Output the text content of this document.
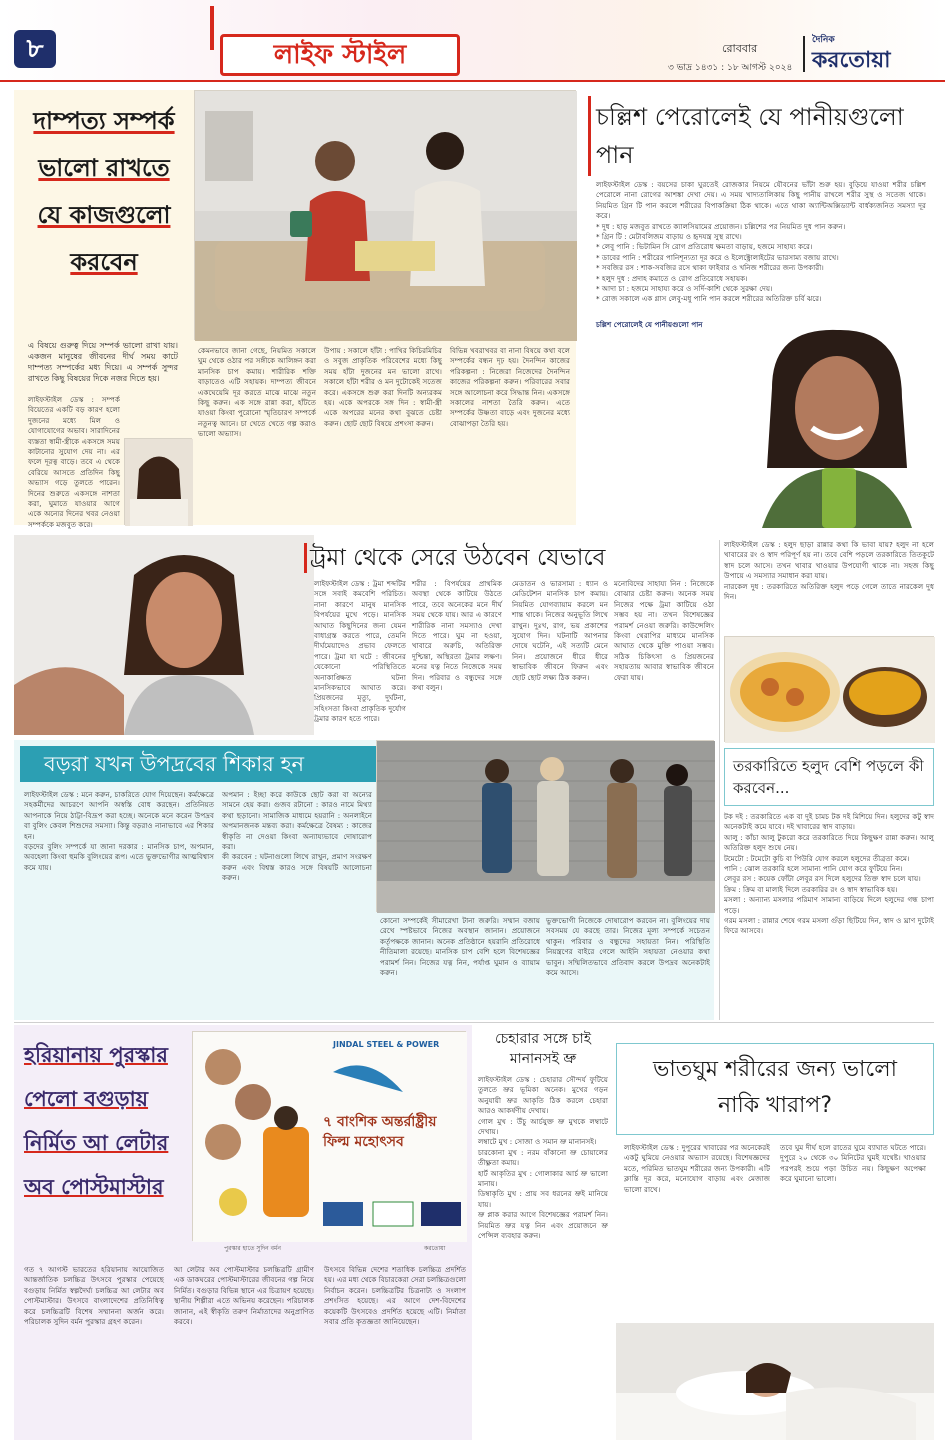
৮	লাইফ স্টাইল	রোববার
৩ ভাদ্র ১৪৩১ : ১৮ আগস্ট ২০২৪
দৈনিক
করতোয়া
দাম্পত্য সম্পর্ক ভালো রাখতে যে কাজগুলো করবেন
এ বিষয়ে গুরুত্ব দিয়ে সম্পর্ক ভালো রাখা যায়। একজন মানুষের জীবনের দীর্ঘ সময় কাটে দাম্পত্য সম্পর্কের মধ্য দিয়ে। এ সম্পর্ক সুন্দর রাখতে কিছু বিষয়ের দিকে নজর দিতে হয়।
লাইফস্টাইল ডেস্ক : সম্পর্ক বিয়েতের একটি বড় কারণ হলো দুজনের মধ্যে মিল ও যোগাযোগের অভাব। সারাদিনের ব্যস্ততা স্বামী-স্ত্রীকে একসঙ্গে সময় কাটানোর সুযোগ দেয় না। এর ফলে দূরত্ব বাড়ে। তবে এ থেকে বেরিয়ে আসতে প্রতিদিন কিছু অভ্যাস গড়ে তুলতে পারেন। দিনের শুরুতে একসঙ্গে নাশতা করা, ঘুমাতে যাওয়ার আগে একে অন্যের দিনের খবর নেওয়া সম্পর্ককে মজবুত করে।
কেমনভাবে জানা গেছে, নিয়মিত সকালে ঘুম থেকে ওঠার পর সঙ্গীকে আলিঙ্গন করা মানসিক চাপ কমায়। শারীরিক শক্তি বাড়াতেও এটি সহায়ক। দাম্পত্য জীবনে একঘেয়েমি দূর করতে মাঝে মাঝে নতুন কিছু করুন। এক সঙ্গে রান্না করা, হাঁটতে যাওয়া কিংবা পুরোনো স্মৃতিচারণ সম্পর্কে নতুনত্ব আনে। চা খেতে খেতে গল্প করাও ভালো অভ্যাস।
উপায় : সকালে হাঁটা : পাখির কিচিরমিচির ও সবুজ প্রাকৃতিক পরিবেশের মধ্যে কিছু সময় হাঁটা দুজনের মন ভালো রাখে। সকালে হাঁটা শরীর ও মন দুটোকেই সতেজ করে। একসঙ্গে শুরু করা দিনটি অন্যরকম হয়। একে অপরকে সঙ্গ দিন : স্বামী-স্ত্রী একে অপরের মনের কথা বুঝতে চেষ্টা করুন। ছোট ছোট বিষয়ে প্রশংসা করুন।
বিভিন্ন খবরাখবর বা নানা বিষয়ে কথা বলে সম্পর্কের বন্ধন দৃঢ় হয়। দৈনন্দিন কাজের পরিকল্পনা : নিজেরা নিজেদের দৈনন্দিন কাজের পরিকল্পনা করুন। পরিবারের সবার সঙ্গে আলোচনা করে সিদ্ধান্ত নিন। একসঙ্গে সকালের নাশতা তৈরি করুন। এতে সম্পর্কের উষ্ণতা বাড়ে এবং দুজনের মধ্যে বোঝাপড়া তৈরি হয়।
চল্লিশ পেরোলেই যে পানীয়গুলো পান
লাইফস্টাইল ডেস্ক : বয়সের চাকা ঘুরতেই রোজকার নিয়মে যৌবনের ভাঁটা শুরু হয়। বুড়িয়ে যাওয়া শরীর চল্লিশ পেরোলে নানা রোগের আশঙ্কা দেখা দেয়। এ সময় খাদ্যতালিকায় কিছু পানীয় রাখলে শরীর সুস্থ ও সতেজ থাকে। নিয়মিত গ্রিন টি পান করলে শরীরের বিপাকক্রিয়া ঠিক থাকে। এতে থাকা অ্যান্টিঅক্সিড্যান্ট বার্ধক্যজনিত সমস্যা দূর করে।
* দুধ : হাড় মজবুত রাখতে ক্যালসিয়ামের প্রয়োজন। চল্লিশের পর নিয়মিত দুধ পান করুন।
* গ্রিন টি : মেটাবলিজম বাড়ায় ও হৃদযন্ত্র সুস্থ রাখে।
* লেবু পানি : ভিটামিন সি রোগ প্রতিরোধ ক্ষমতা বাড়ায়, হজমে সাহায্য করে।
* ডাবের পানি : শরীরের পানিশূন্যতা দূর করে ও ইলেক্ট্রোলাইটের ভারসাম্য বজায় রাখে।
* সবজির রস : শাক-সবজির রসে থাকা ফাইবার ও খনিজ শরীরের জন্য উপকারী।
* হলুদ দুধ : প্রদাহ কমাতে ও রোগ প্রতিরোধে সহায়ক।
* আদা চা : হজমে সাহায্য করে ও সর্দি-কাশি থেকে সুরক্ষা দেয়।
* রোজ সকালে এক গ্লাস লেবু-মধু পানি পান করলে শরীরের অতিরিক্ত চর্বি ঝরে।

চল্লিশ পেরোলেই যে পানীয়গুলো পান

ট্রমা থেকে সেরে উঠবেন যেভাবে
লাইফস্টাইল ডেস্ক : ট্রমা শব্দটির সঙ্গে সবাই কমবেশি পরিচিত। নানা কারণে মানুষ মানসিক বিপর্যয়ের মুখে পড়ে। মানসিক আঘাত কিছুদিনের জন্য যেমন বাধাগ্রস্ত করতে পারে, তেমনি দীর্ঘমেয়াদেও প্রভাব ফেলতে পারে। ট্রমা যা ঘটে : জীবনের যেকোনো পরিস্থিতিতে অনাকাঙ্ক্ষিত ঘটনা মানসিকভাবে আঘাত করে। প্রিয়জনের মৃত্যু, দুর্ঘটনা, সহিংসতা কিংবা প্রাকৃতিক দুর্যোগ ট্রমার কারণ হতে পারে।
শরীর : বিপর্যয়ের প্রাথমিক অবস্থা থেকে কাটিয়ে উঠতে পারে, তবে অনেকের মনে দীর্ঘ সময় থেকে যায়। আর এ কারণে শারীরিক নানা সমস্যাও দেখা দিতে পারে। ঘুম না হওয়া, খাবারে অরুচি, অতিরিক্ত দুশ্চিন্তা, অস্থিরতা ট্রমার লক্ষণ। মনের যত্ন নিতে নিজেকে সময় দিন। পরিবার ও বন্ধুদের সঙ্গে কথা বলুন।
মেডাতন ও ভারসাম্য : ধ্যান ও মেডিটেশন মানসিক চাপ কমায়। নিয়মিত যোগব্যায়াম করলে মন শান্ত থাকে। নিজের অনুভূতি লিখে রাখুন। দুঃখ, রাগ, ভয় প্রকাশের সুযোগ দিন। ঘটনাটি আপনার দোষে ঘটেনি, এই সত্যটি মেনে নিন। প্রয়োজনে ধীরে ধীরে স্বাভাবিক জীবনে ফিরুন এবং ছোট ছোট লক্ষ্য ঠিক করুন।
মনোবিদের সাহায্য নিন : নিজেকে বোঝার চেষ্টা করুন। অনেক সময় নিজের পক্ষে ট্রমা কাটিয়ে ওঠা সম্ভব হয় না। তখন বিশেষজ্ঞের পরামর্শ নেওয়া জরুরি। কাউন্সেলিং কিংবা থেরাপির মাধ্যমে মানসিক আঘাত থেকে মুক্তি পাওয়া সম্ভব। সঠিক চিকিৎসা ও প্রিয়জনের সহায়তায় আবার স্বাভাবিক জীবনে ফেরা যায়।
লাইফস্টাইল ডেস্ক : হলুদ ছাড়া রান্নার কথা কি ভাবা যায়? হলুদ না হলে খাবারের রং ও স্বাদ পরিপূর্ণ হয় না। তবে বেশি পড়লে তরকারিতে তিতকুটে স্বাদ চলে আসে। তখন খাবার খাওয়ার উপযোগী থাকে না। সহজ কিছু উপায়ে এ সমস্যার সমাধান করা যায়।
নারকেল দুধ : তরকারিতে অতিরিক্ত হলুদ পড়ে গেলে তাতে নারকেল দুধ দিন।
তরকারিতে হলুদ বেশি পড়লে কী করবেন...
টক দই : তরকারিতে এক বা দুই চামচ টক দই মিশিয়ে দিন। হলুদের কটু স্বাদ অনেকটাই কমে যাবে। দই খাবারের স্বাদ বাড়ায়।
আলু : কাঁচা আলু টুকরো করে তরকারিতে দিয়ে কিছুক্ষণ রান্না করুন। আলু অতিরিক্ত হলুদ শুষে নেয়।
টমেটো : টমেটো কুচি বা পিউরি যোগ করলে হলুদের তীব্রতা কমে।
পানি : ঝোল তরকারি হলে সামান্য পানি যোগ করে ফুটিয়ে নিন।
লেবুর রস : কয়েক ফোঁটা লেবুর রস দিলে হলুদের তিক্ত স্বাদ চলে যায়।
ক্রিম : ক্রিম বা মালাই দিলে তরকারির রং ও স্বাদ স্বাভাবিক হয়।
মসলা : অন্যান্য মসলার পরিমাণ সামান্য বাড়িয়ে দিলে হলুদের গন্ধ চাপা পড়ে।
গরম মসলা : রান্নার শেষে গরম মসলা গুঁড়া ছিটিয়ে দিন, স্বাদ ও ঘ্রাণ দুটোই ফিরে আসবে।
বড়রা যখন উপদ্রবের শিকার হন
লাইফস্টাইল ডেস্ক : মনে করুন, চাকরিতে যোগ দিয়েছেন। কর্মক্ষেত্রে সহকর্মীদের আচরণে আপনি অস্বস্তি বোধ করছেন। প্রতিনিয়ত আপনাকে নিয়ে ঠাট্টা-বিদ্রূপ করা হচ্ছে। অনেকে মনে করেন উপদ্রব বা বুলিং কেবল শিশুদের সমস্যা। কিন্তু বড়রাও নানাভাবে এর শিকার হন।
বড়দের বুলিং সম্পর্কে যা জানা দরকার : মানসিক চাপ, অপমান, অবহেলা কিংবা হুমকি বুলিংয়ের রূপ। এতে ভুক্তভোগীর আত্মবিশ্বাস কমে যায়।
অপমান : ইচ্ছা করে কাউকে ছোট করা বা অন্যের সামনে হেয় করা। গুজব রটানো : কারও নামে মিথ্যা কথা ছড়ানো। সামাজিক মাধ্যমে হয়রানি : অনলাইনে অপমানজনক মন্তব্য করা। কর্মক্ষেত্রে বৈষম্য : কাজের স্বীকৃতি না দেওয়া কিংবা অন্যায্যভাবে দোষারোপ করা।
কী করবেন : ঘটনাগুলো লিখে রাখুন, প্রমাণ সংরক্ষণ করুন এবং বিশ্বস্ত কারও সঙ্গে বিষয়টি আলোচনা করুন।
কোনো সম্পর্কেই সীমারেখা টানা জরুরি। সম্মান বজায় রেখে স্পষ্টভাবে নিজের অবস্থান জানান। প্রয়োজনে কর্তৃপক্ষকে জানান। অনেক প্রতিষ্ঠানে হয়রানি প্রতিরোধে নীতিমালা রয়েছে। মানসিক চাপ বেশি হলে বিশেষজ্ঞের পরামর্শ নিন। নিজের যত্ন নিন, পর্যাপ্ত ঘুমান ও ব্যায়াম করুন।
ভুক্তভোগী নিজেকে দোষারোপ করবেন না। বুলিংয়ের দায় সবসময় যে করছে তার। নিজের মূল্য সম্পর্কে সচেতন থাকুন। পরিবার ও বন্ধুদের সহায়তা নিন। পরিস্থিতি নিয়ন্ত্রণের বাইরে গেলে আইনি সহায়তা নেওয়ার কথা ভাবুন। সম্মিলিতভাবে প্রতিবাদ করলে উপদ্রব অনেকটাই কমে আসে।
হরিয়ানায় পুরস্কার পেলো বগুড়ায় নির্মিত আ লেটার অব পোস্টমাস্টার
JINDAL STEEL & POWER
৭ বাংশিক অন্তর্রাষ্ট্রীয় ফিল্ম মহোৎসব
পুরস্কার হাতে সুদিন বর্মন	করতোয়া
গত ৭ আগস্ট ভারতের হরিয়ানায় আয়োজিত আন্তর্জাতিক চলচ্চিত্র উৎসবে পুরস্কার পেয়েছে বগুড়ায় নির্মিত স্বল্পদৈর্ঘ্য চলচ্চিত্র আ লেটার অব পোস্টমাস্টার। উৎসবে বাংলাদেশের প্রতিনিধিত্ব করে চলচ্চিত্রটি বিশেষ সম্মাননা অর্জন করে। পরিচালক সুদিন বর্মন পুরস্কার গ্রহণ করেন।
আ লেটার অব পোস্টমাস্টার চলচ্চিত্রটি গ্রামীণ এক ডাকঘরের পোস্টমাস্টারের জীবনের গল্প নিয়ে নির্মিত। বগুড়ার বিভিন্ন স্থানে এর চিত্রায়ণ হয়েছে। স্থানীয় শিল্পীরা এতে অভিনয় করেছেন। পরিচালক জানান, এই স্বীকৃতি তরুণ নির্মাতাদের অনুপ্রাণিত করবে।
উৎসবে বিভিন্ন দেশের শতাধিক চলচ্চিত্র প্রদর্শিত হয়। এর মধ্য থেকে বিচারকেরা সেরা চলচ্চিত্রগুলো নির্বাচন করেন। চলচ্চিত্রটির চিত্রনাট্য ও সংলাপ প্রশংসিত হয়েছে। এর আগে দেশ-বিদেশের কয়েকটি উৎসবেও প্রদর্শিত হয়েছে এটি। নির্মাতা সবার প্রতি কৃতজ্ঞতা জানিয়েছেন।
চেহারার সঙ্গে চাই মানানসই ভ্রু
লাইফস্টাইল ডেস্ক : চেহারার সৌন্দর্য ফুটিয়ে তুলতে ভ্রুর ভূমিকা অনেক। মুখের গড়ন অনুযায়ী ভ্রুর আকৃতি ঠিক করলে চেহারা আরও আকর্ষণীয় দেখায়।
গোল মুখ : উঁচু আর্চযুক্ত ভ্রু মুখকে লম্বাটে দেখায়।
লম্বাটে মুখ : সোজা ও সমান ভ্রু মানানসই।
চারকোনা মুখ : নরম বাঁকানো ভ্রু চোয়ালের তীক্ষ্ণতা কমায়।
হার্ট আকৃতির মুখ : গোলাকার আর্চ ভ্রু ভালো মানায়।
ডিম্বাকৃতি মুখ : প্রায় সব ধরনের ভ্রুই মানিয়ে যায়।
ভ্রু প্লাক করার আগে বিশেষজ্ঞের পরামর্শ নিন। নিয়মিত ভ্রুর যত্ন নিন এবং প্রয়োজনে ভ্রু পেন্সিল ব্যবহার করুন।
ভাতঘুম শরীরের জন্য ভালো নাকি খারাপ?
লাইফস্টাইল ডেস্ক : দুপুরের খাবারের পর অনেকেরই একটু ঘুমিয়ে নেওয়ার অভ্যাস রয়েছে। বিশেষজ্ঞদের মতে, পরিমিত ভাতঘুম শরীরের জন্য উপকারী। এটি ক্লান্তি দূর করে, মনোযোগ বাড়ায় এবং মেজাজ ভালো রাখে।
তবে ঘুম দীর্ঘ হলে রাতের ঘুমে ব্যাঘাত ঘটতে পারে। দুপুরে ২০ থেকে ৩০ মিনিটের ঘুমই যথেষ্ট। খাওয়ার পরপরই শুয়ে পড়া উচিত নয়। কিছুক্ষণ অপেক্ষা করে ঘুমানো ভালো।
